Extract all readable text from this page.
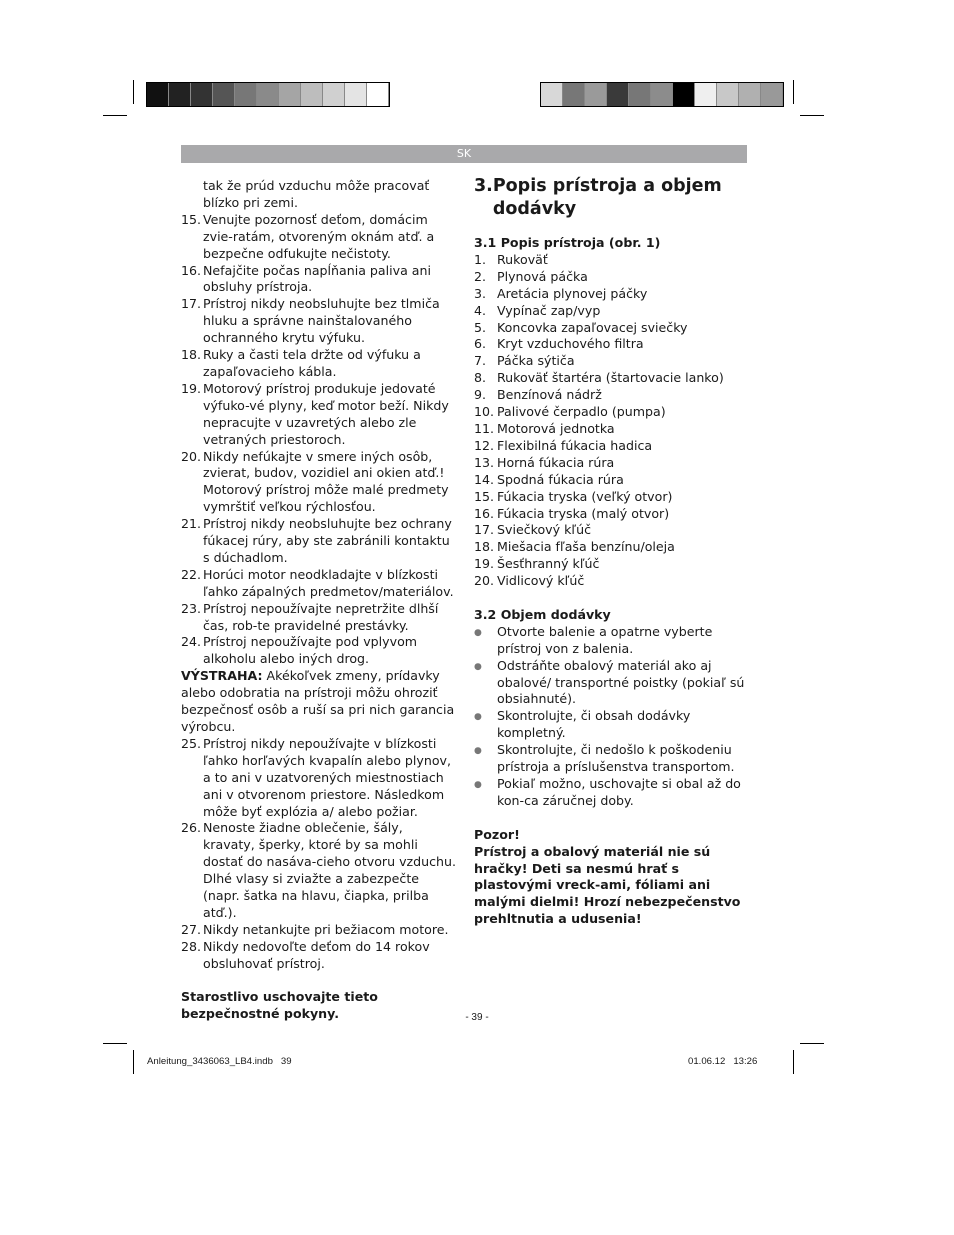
SK
tak že prúd vzduchu môže pracovať blízko pri zemi.
15. Venujte pozornosť deťom, domácim zvie-ratám, otvoreným oknám atď. a bezpečne odfukujte nečistoty.
16. Nefajčite počas napĺňania paliva ani obsluhy prístroja.
17. Prístroj nikdy neobsluhujte bez tlmiča hluku a správne nainštalovaného ochranného krytu výfuku.
18. Ruky a časti tela držte od výfuku a zapaľovacieho kábla.
19. Motorový prístroj produkuje jedovaté výfuko-vé plyny, keď motor beží. Nikdy nepracujte v uzavretých alebo zle vetraných priestoroch.
20. Nikdy nefúkajte v smere iných osôb, zvierat, budov, vozidiel ani okien atď.! Motorový prístroj môže malé predmety vymrštiť veľkou rýchlosťou.
21. Prístroj nikdy neobsluhujte bez ochrany fúkacej rúry, aby ste zabránili kontaktu s dúchadlom.
22. Horúci motor neodkladajte v blízkosti ľahko zápalných predmetov/materiálov.
23. Prístroj nepoužívajte nepretržite dlhší čas, rob-te pravidelné prestávky.
24. Prístroj nepoužívajte pod vplyvom alkoholu alebo iných drog.
VÝSTRAHA: Akékoľvek zmeny, prídavky alebo odobratia na prístroji môžu ohroziť bezpečnosť osôb a ruší sa pri nich garancia výrobcu.
25. Prístroj nikdy nepoužívajte v blízkosti ľahko horľavých kvapalín alebo plynov, a to ani v uzatvorených miestnostiach ani v otvorenom priestore. Následkom môže byť explózia a/ alebo požiar.
26. Nenoste žiadne oblečenie, šály, kravaty, šperky, ktoré by sa mohli dostať do nasáva-cieho otvoru vzduchu. Dlhé vlasy si zviažte a zabezpečte (napr. šatka na hlavu, čiapka, prilba atď.).
27. Nikdy netankujte pri bežiacom motore.
28. Nikdy nedovoľte deťom do 14 rokov obsluhovať prístroj.
Starostlivo uschovajte tieto bezpečnostné pokyny.
3. Popis prístroja a objem dodávky
3.1 Popis prístroja (obr. 1)
1. Rukoväť
2. Plynová páčka
3. Aretácia plynovej páčky
4. Vypínač zap/vyp
5. Koncovka zapaľovacej sviečky
6. Kryt vzduchového filtra
7. Páčka sýtiča
8. Rukoväť štartéra (štartovacie lanko)
9. Benzínová nádrž
10. Palivové čerpadlo (pumpa)
11. Motorová jednotka
12. Flexibilná fúkacia hadica
13. Horná fúkacia rúra
14. Spodná fúkacia rúra
15. Fúkacia tryska (veľký otvor)
16. Fúkacia tryska (malý otvor)
17. Sviečkový kľúč
18. Miešacia fľaša benzínu/oleja
19. Šesťhranný kľúč
20. Vidlicový kľúč
3.2 Objem dodávky
●	Otvorte balenie a opatrne vyberte prístroj von z balenia.
●	Odstráňte obalový materiál ako aj obalové/ transportné poistky (pokiaľ sú obsiahnuté).
●	Skontrolujte, či obsah dodávky kompletný.
●	Skontrolujte, či nedošlo k poškodeniu prístroja a príslušenstva transportom.
●	Pokiaľ možno, uschovajte si obal až do kon-ca záručnej doby.
Pozor!
Prístroj a obalový materiál nie sú hračky! Deti sa nesmú hrať s plastovými vreck-ami, fóliami ani malými dielmi! Hrozí nebezpečenstvo prehltnutia a udusenia!
- 39 -
Anleitung_3436063_LB4.indb   39	01.06.12   13:26
